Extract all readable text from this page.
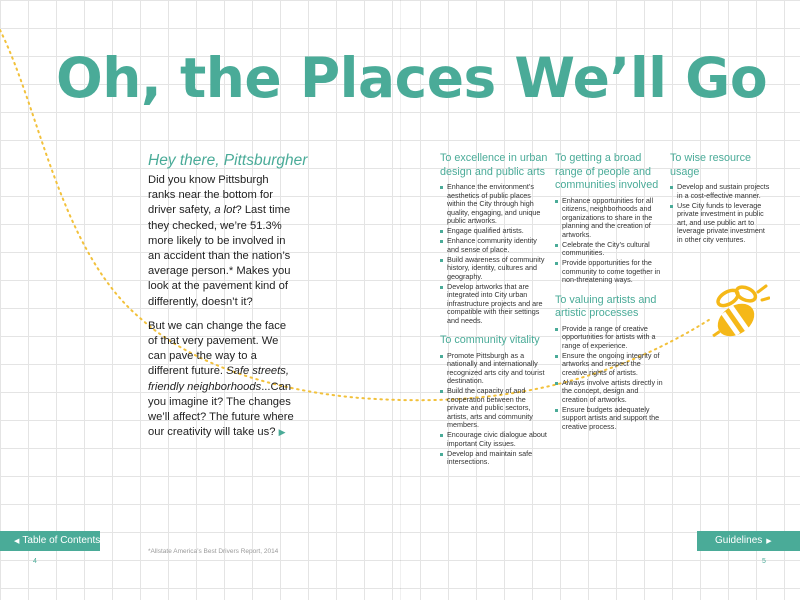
Oh, the Places We’ll Go
Hey there, Pittsburgher

Did you know Pittsburgh ranks near the bottom for driver safety, a lot? Last time they checked, we’re 51.3% more likely to be involved in an accident than the nation’s average person.* Makes you look at the pavement kind of differently, doesn’t it?

But we can change the face of that very pavement. We can pave the way to a different future. Safe streets, friendly neighborhoods...Can you imagine it? The changes we’ll affect? The future where our creativity will take us? ▶

To excellence in urban design and public arts
Enhance the environment’s aesthetics of public places within the City through high quality, engaging, and unique public artworks.
Engage qualified artists.
Enhance community identity and sense of place.
Build awareness of community history, identity, cultures and geography.
Develop artworks that are integrated into City urban infrastructure projects and are compatible with their settings and needs.
To community vitality
Promote Pittsburgh as a nationally and internationally recognized arts city and tourist destination.
Build the capacity of and cooperation between the private and public sectors, artists, arts and community members.
Encourage civic dialogue about important City issues.
Develop and maintain safe intersections.
To getting a broad range of people and communities involved
Enhance opportunities for all citizens, neighborhoods and organizations to share in the planning and the creation of artworks.
Celebrate the City’s cultural communities.
Provide opportunities for the community to come together in non-threatening ways.
To valuing artists and artistic processes
Provide a range of creative opportunities for artists with a range of experience.
Ensure the ongoing integrity of artworks and respect the creative rights of artists.
Always involve artists directly in the concept, design and creation of artworks.
Ensure budgets adequately support artists and support the creative process.
To wise resource usage
Develop and sustain projects in a cost-effective manner.
Use City funds to leverage private investment in public art, and use public art to leverage private investment in other city ventures.
◀ Table of Contents	Guidelines ▶
*Allstate America’s Best Drivers Report, 2014
4	5
